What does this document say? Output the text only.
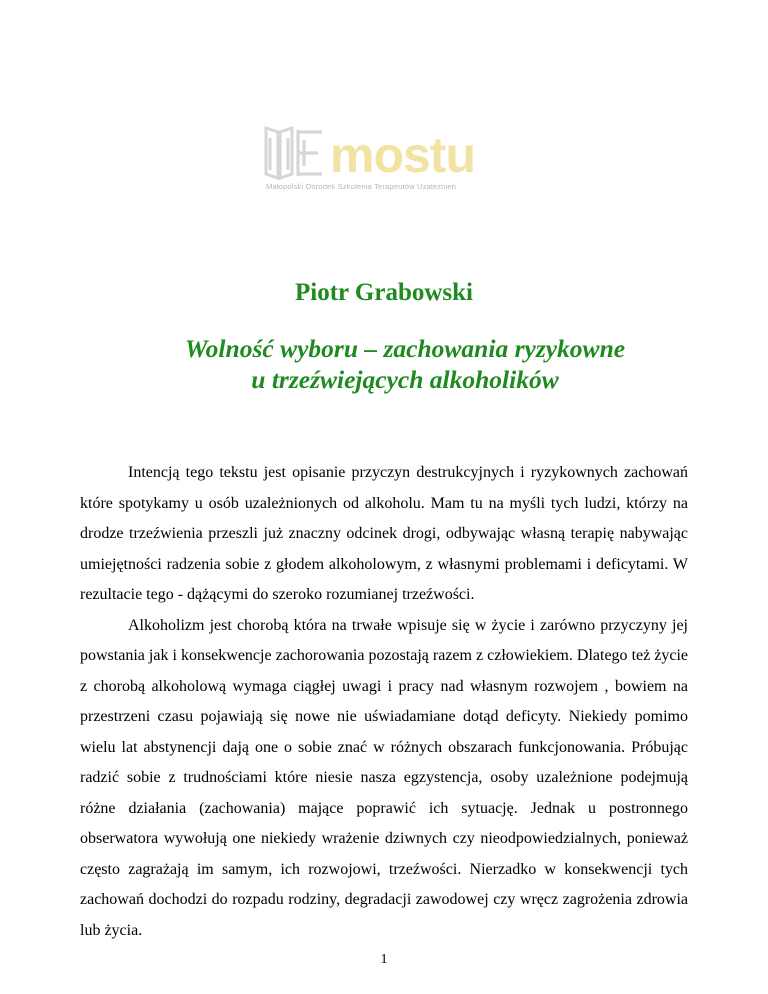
mostu
Małopolski Ośrodek Szkolenia Terapeutów Uzależnień
Piotr Grabowski
Wolność wyboru – zachowania ryzykowne
u trzeźwiejących alkoholików

Intencją tego tekstu jest opisanie przyczyn destrukcyjnych i ryzykownych zachowań które spotykamy u osób uzależnionych od alkoholu. Mam tu na myśli tych ludzi, którzy na drodze trzeźwienia przeszli już znaczny odcinek drogi, odbywając własną terapię nabywając umiejętności radzenia sobie z głodem alkoholowym, z własnymi problemami i deficytami. W rezultacie tego - dążącymi do szeroko rozumianej trzeźwości.

Alkoholizm jest chorobą która na trwałe wpisuje się w życie i zarówno przyczyny jej powstania jak i konsekwencje zachorowania pozostają razem z człowiekiem. Dlatego też życie z chorobą alkoholową wymaga ciągłej uwagi i pracy nad własnym rozwojem , bowiem na przestrzeni czasu pojawiają się nowe nie uświadamiane dotąd deficyty. Niekiedy pomimo wielu lat abstynencji dają one o sobie znać w różnych obszarach funkcjonowania. Próbując radzić sobie z trudnościami które niesie nasza egzystencja, osoby uzależnione podejmują różne działania (zachowania) mające poprawić ich sytuację. Jednak u postronnego obserwatora wywołują one niekiedy wrażenie dziwnych czy nieodpowiedzialnych, ponieważ często zagrażają im samym, ich rozwojowi, trzeźwości. Nierzadko w konsekwencji tych zachowań dochodzi do rozpadu rodziny, degradacji zawodowej czy wręcz zagrożenia zdrowia lub życia.

1
